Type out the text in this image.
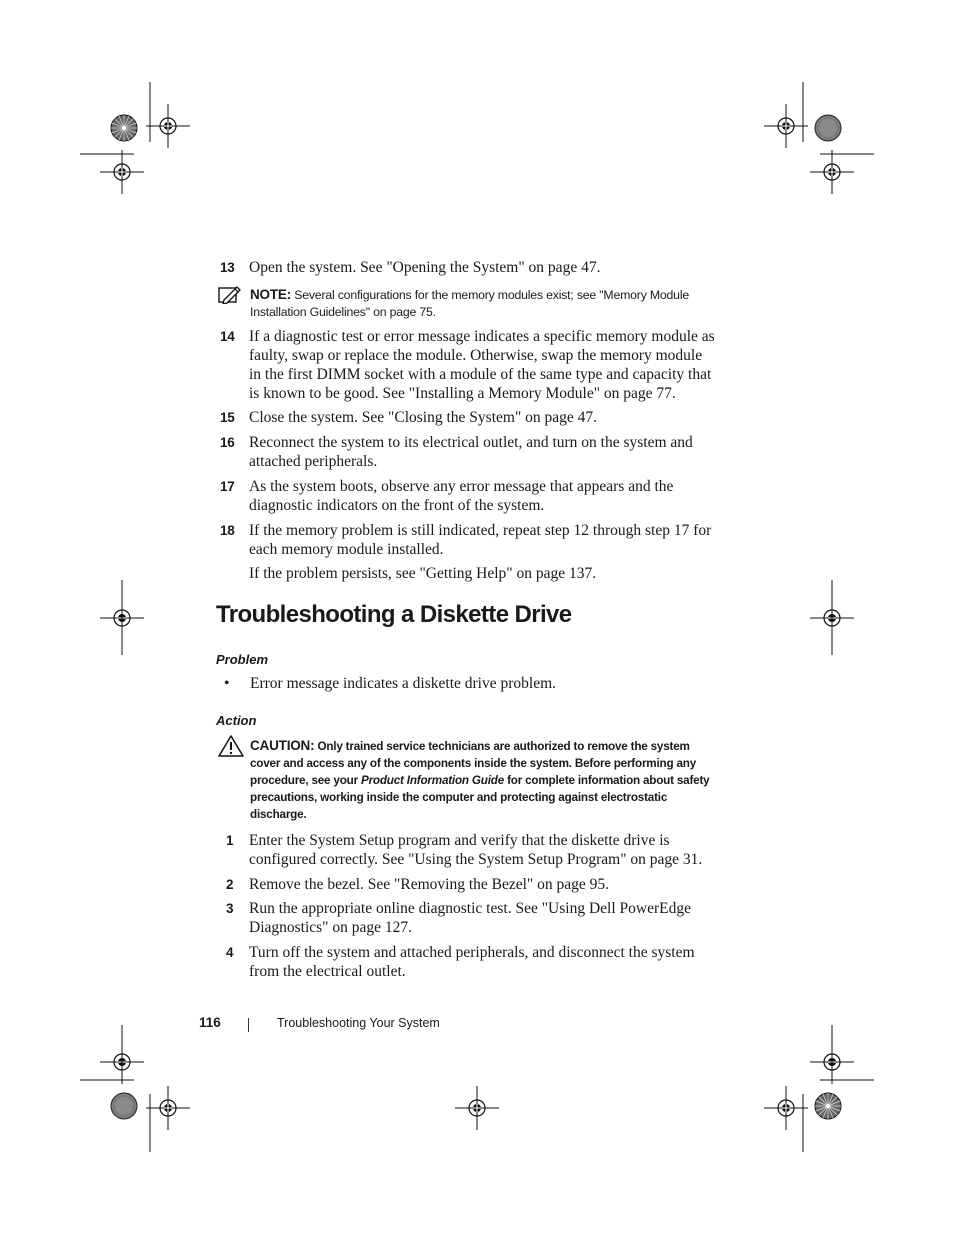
13 Open the system. See "Opening the System" on page 47.
NOTE: Several configurations for the memory modules exist; see "Memory Module Installation Guidelines" on page 75.
14 If a diagnostic test or error message indicates a specific memory module as faulty, swap or replace the module. Otherwise, swap the memory module in the first DIMM socket with a module of the same type and capacity that is known to be good. See "Installing a Memory Module" on page 77.
15 Close the system. See "Closing the System" on page 47.
16 Reconnect the system to its electrical outlet, and turn on the system and attached peripherals.
17 As the system boots, observe any error message that appears and the diagnostic indicators on the front of the system.
18 If the memory problem is still indicated, repeat step 12 through step 17 for each memory module installed.
If the problem persists, see "Getting Help" on page 137.
Troubleshooting a Diskette Drive
Problem
• Error message indicates a diskette drive problem.
Action
CAUTION: Only trained service technicians are authorized to remove the system cover and access any of the components inside the system. Before performing any procedure, see your Product Information Guide for complete information about safety precautions, working inside the computer and protecting against electrostatic discharge.
1 Enter the System Setup program and verify that the diskette drive is configured correctly. See "Using the System Setup Program" on page 31.
2 Remove the bezel. See "Removing the Bezel" on page 95.
3 Run the appropriate online diagnostic test. See "Using Dell PowerEdge Diagnostics" on page 127.
4 Turn off the system and attached peripherals, and disconnect the system from the electrical outlet.
116	Troubleshooting Your System
